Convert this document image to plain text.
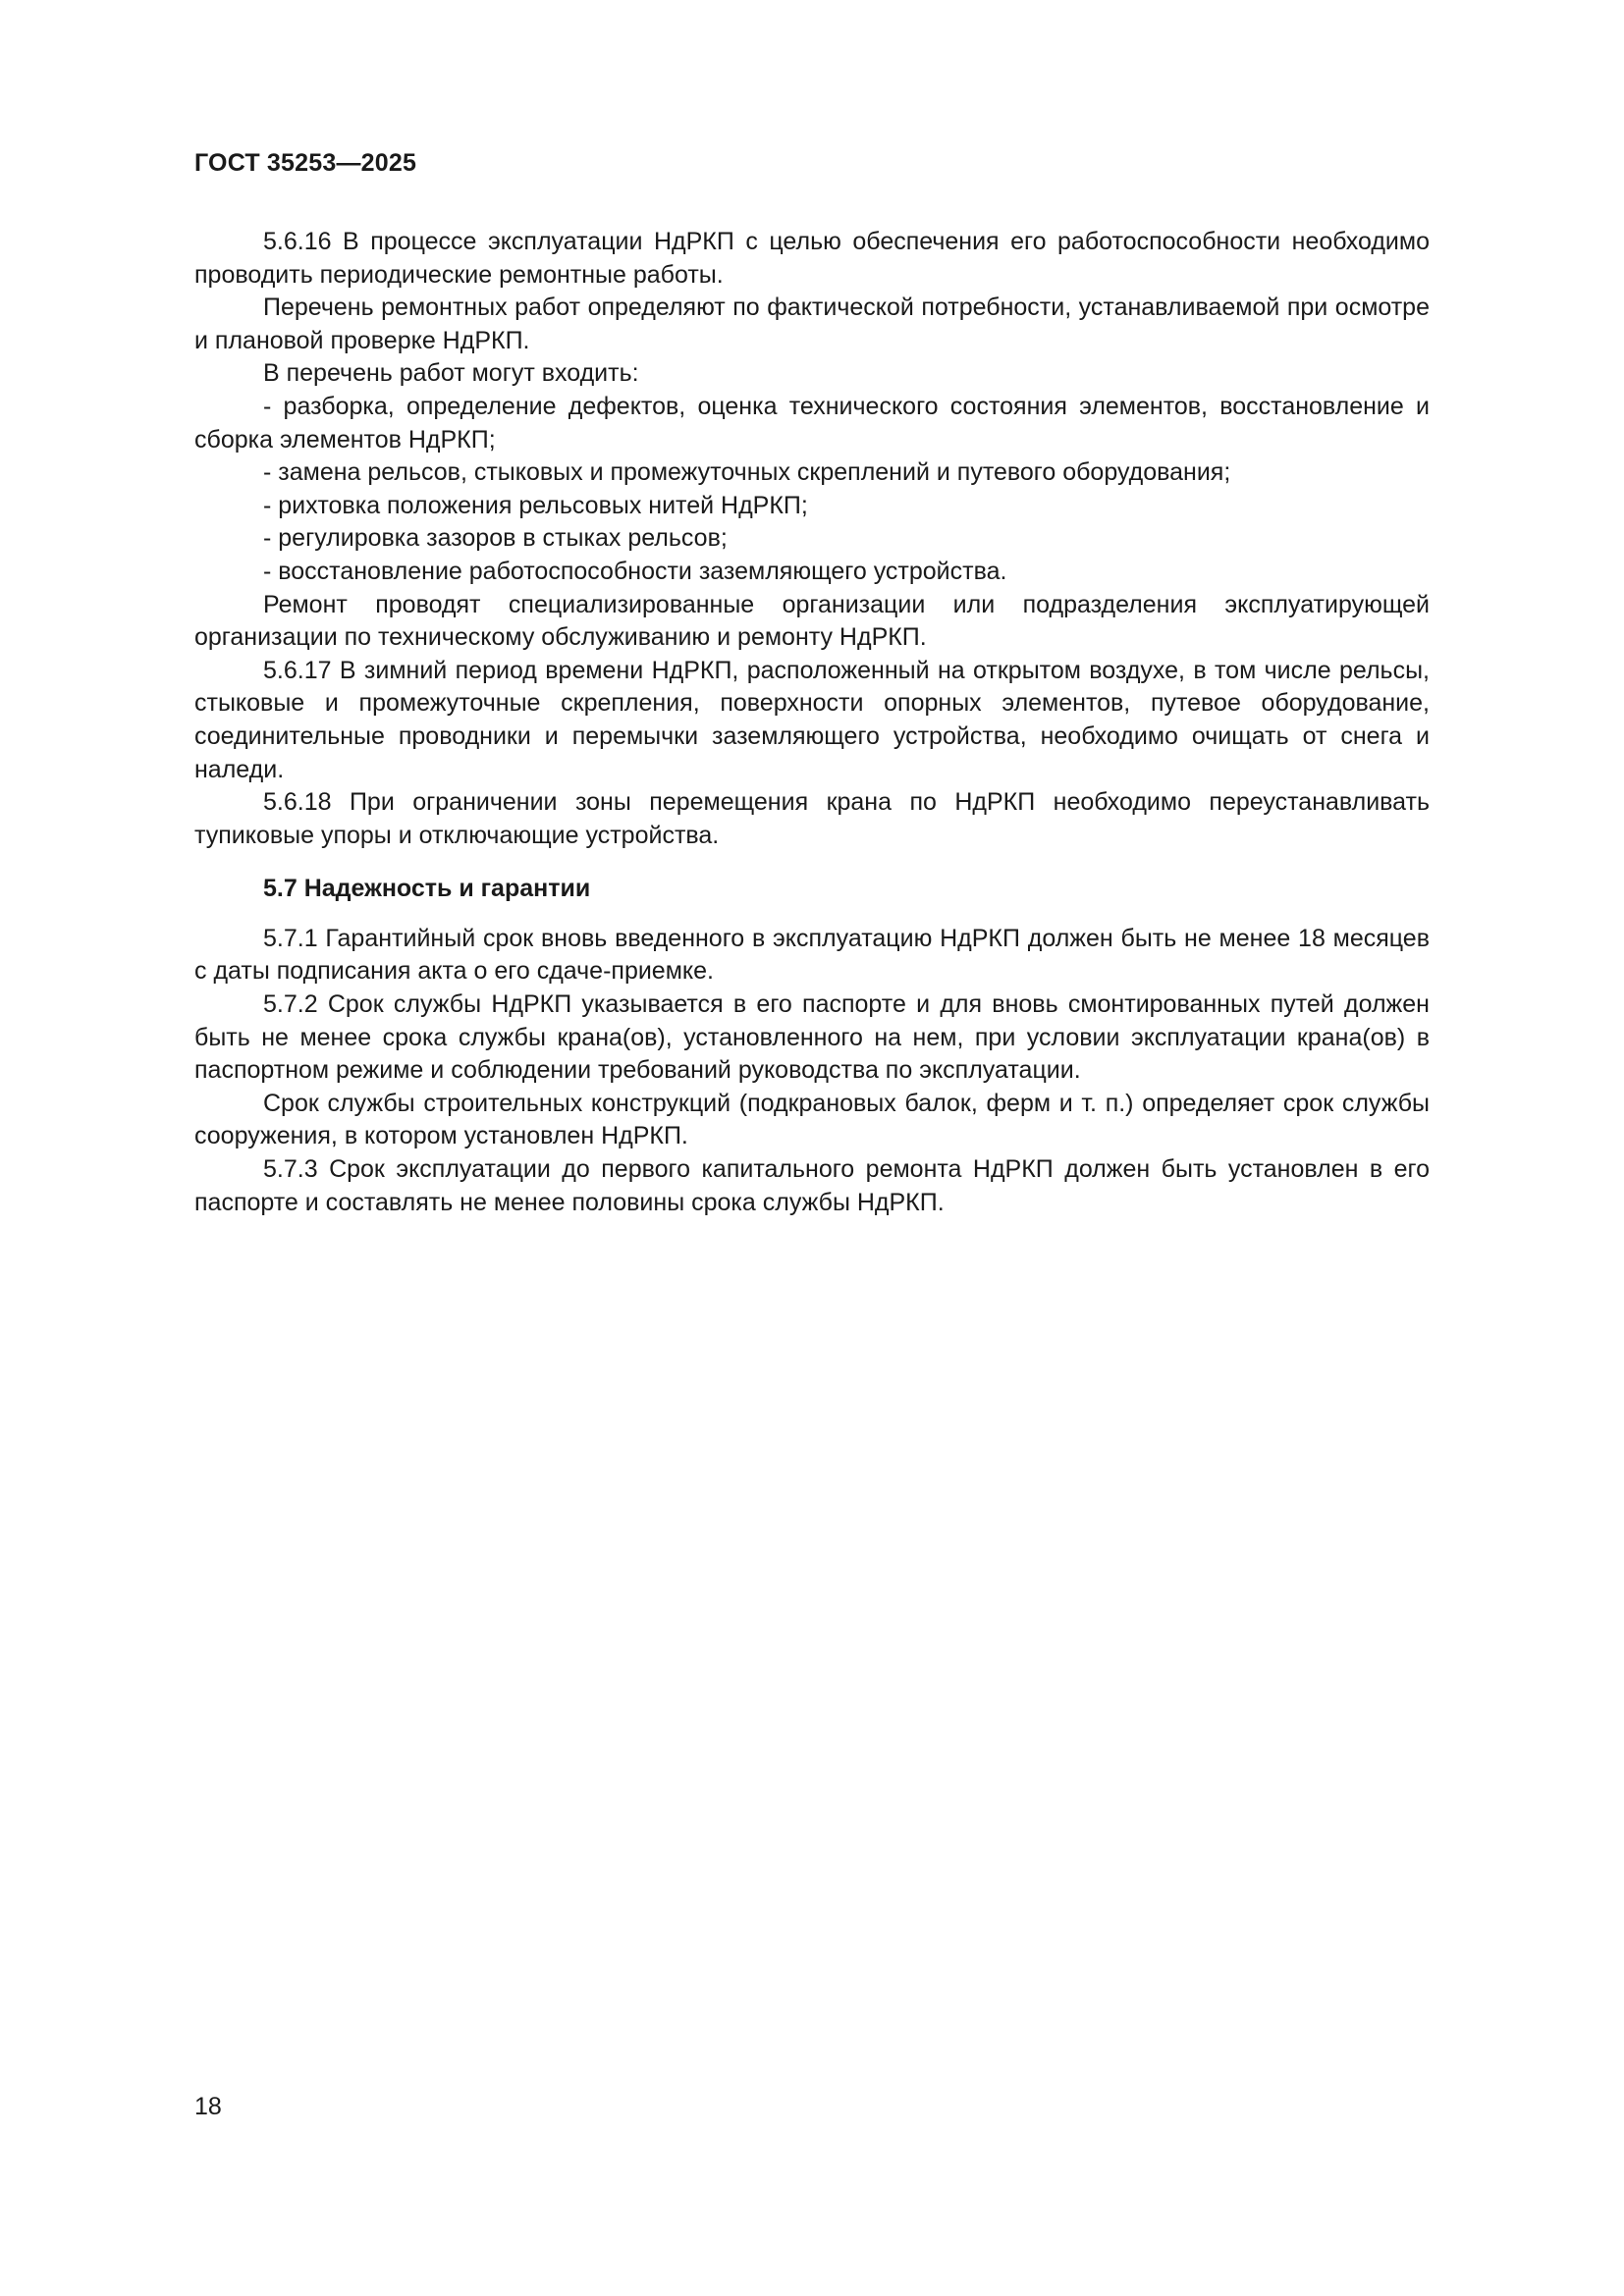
ГОСТ 35253—2025

5.6.16 В процессе эксплуатации НдРКП с целью обеспечения его работоспособности необходимо проводить периодические ремонтные работы.

Перечень ремонтных работ определяют по фактической потребности, устанавливаемой при осмотре и плановой проверке НдРКП.

В перечень работ могут входить:

- разборка, определение дефектов, оценка технического состояния элементов, восстановление и сборка элементов НдРКП;

- замена рельсов, стыковых и промежуточных скреплений и путевого оборудования;

- рихтовка положения рельсовых нитей НдРКП;

- регулировка зазоров в стыках рельсов;

- восстановление работоспособности заземляющего устройства.

Ремонт проводят специализированные организации или подразделения эксплуатирующей организации по техническому обслуживанию и ремонту НдРКП.

5.6.17 В зимний период времени НдРКП, расположенный на открытом воздухе, в том числе рельсы, стыковые и промежуточные скрепления, поверхности опорных элементов, путевое оборудование, соединительные проводники и перемычки заземляющего устройства, необходимо очищать от снега и наледи.

5.6.18 При ограничении зоны перемещения крана по НдРКП необходимо переустанавливать тупиковые упоры и отключающие устройства.

5.7 Надежность и гарантии

5.7.1 Гарантийный срок вновь введенного в эксплуатацию НдРКП должен быть не менее 18 месяцев с даты подписания акта о его сдаче-приемке.

5.7.2 Срок службы НдРКП указывается в его паспорте и для вновь смонтированных путей должен быть не менее срока службы крана(ов), установленного на нем, при условии эксплуатации крана(ов) в паспортном режиме и соблюдении требований руководства по эксплуатации.

Срок службы строительных конструкций (подкрановых балок, ферм и т. п.) определяет срок службы сооружения, в котором установлен НдРКП.

5.7.3 Срок эксплуатации до первого капитального ремонта НдРКП должен быть установлен в его паспорте и составлять не менее половины срока службы НдРКП.

18
